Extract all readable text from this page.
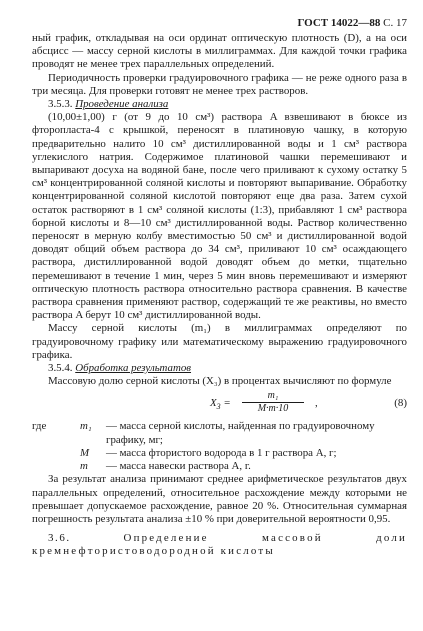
ГОСТ 14022—88 С. 17

ный график, откладывая на оси ординат оптическую плотность (D), а на оси абсцисс — массу серной кислоты в миллиграммах. Для каждой точки графика проводят не менее трех параллельных определений.

Периодичность проверки градуировочного графика — не реже одного раза в три месяца. Для проверки готовят не менее трех растворов.

3.5.3. Проведение анализа

(10,00±1,00) г (от 9 до 10 см³) раствора A взвешивают в бюксе из фторопласта-4 с крышкой, переносят в платиновую чашку, в которую предварительно налито 10 см³ дистиллированной воды и 1 см³ раствора углекислого натрия. Содержимое платиновой чашки перемешивают и выпаривают досуха на водяной бане, после чего приливают к сухому остатку 5 см³ концентрированной соляной кислоты и повторяют выпаривание. Обработку концентрированной соляной кислотой повторяют еще два раза. Затем сухой остаток растворяют в 1 см³ соляной кислоты (1:3), прибавляют 1 см³ раствора борной кислоты и 8—10 см³ дистиллированной воды. Раствор количественно переносят в мерную колбу вместимостью 50 см³ и дистиллированной водой доводят общий объем раствора до 34 см³, приливают 10 см³ осаждающего раствора, дистиллированной водой доводят объем до метки, тщательно перемешивают в течение 1 мин, через 5 мин вновь перемешивают и измеряют оптическую плотность раствора относительно раствора сравнения. В качестве раствора сравнения применяют раствор, содержащий те же реактивы, но вместо раствора A берут 10 см³ дистиллированной воды.

Массу серной кислоты (m₁) в миллиграммах определяют по градуировочному графику или математическому выражению градуировочного графика.

3.5.4. Обработка результатов

Массовую долю серной кислоты (X₃) в процентах вычисляют по формуле

$X_3 = \frac{\text{m₁}}{M\cdot m\cdot 10}$ ,	(8)
где	m₁	— масса серной кислоты, найденная по градуировочному графику, мг;
M	— масса фтористого водорода в 1 г раствора A, г;
m	— масса навески раствора A, г.

За результат анализа принимают среднее арифметическое результатов двух параллельных определений, относительное расхождение между которыми не превышает допускаемое расхождение, равное 20 %. Относительная суммарная погрешность результата анализа ±10 % при доверительной вероятности 0,95.

3.6.	Определение массовой доли кремнефтористоводородной кислоты
